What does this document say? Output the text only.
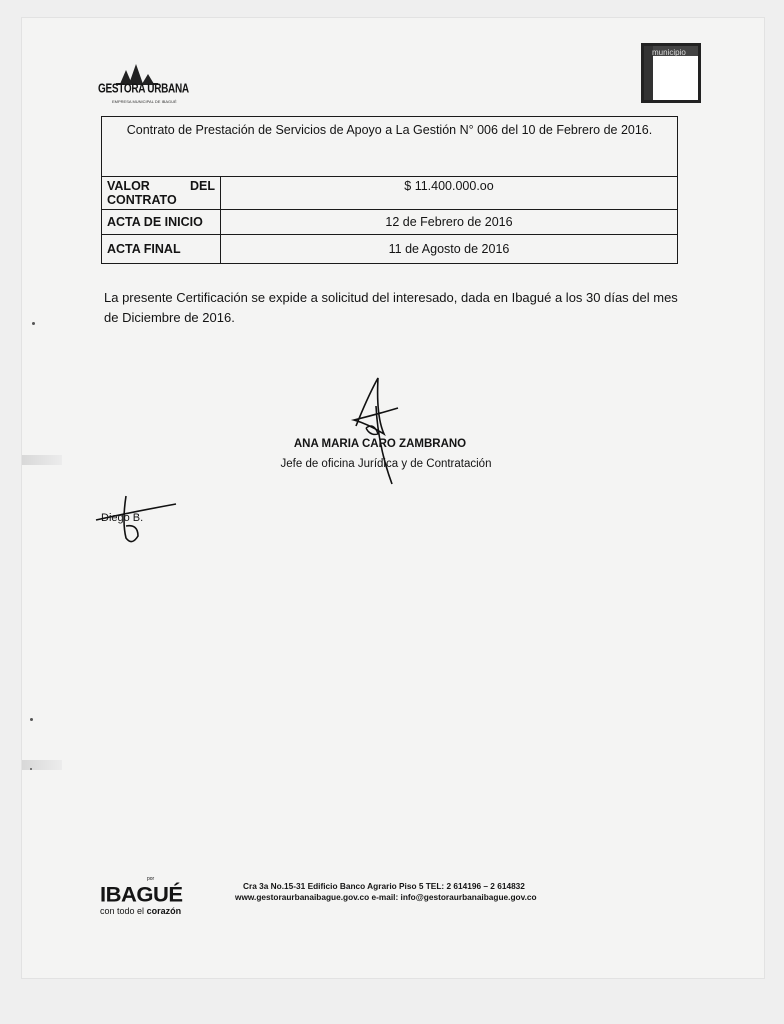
GESTORA URBANA
EMPRESA MUNICIPAL DE IBAGUÉ
municipio
Contrato de Prestación de Servicios de Apoyo a La Gestión N° 006 del 10 de Febrero de 2016.	

VALOR DEL
CONTRATO	$ 11.400.000.oo
ACTA DE INICIO	12 de Febrero de 2016
ACTA FINAL	11 de Agosto de 2016
La presente Certificación se expide a solicitud del interesado, dada en Ibagué a los 30 días del mes de Diciembre de 2016.
ANA MARIA CARO ZAMBRANO
Jefe de oficina Jurídica y de Contratación
Diego B.
por
IBAGUÉ
con todo el corazón
Cra 3a No.15-31 Edificio Banco Agrario Piso 5 TEL: 2 614196 – 2 614832
www.gestoraurbanaibague.gov.co e-mail: info@gestoraurbanaibague.gov.co
